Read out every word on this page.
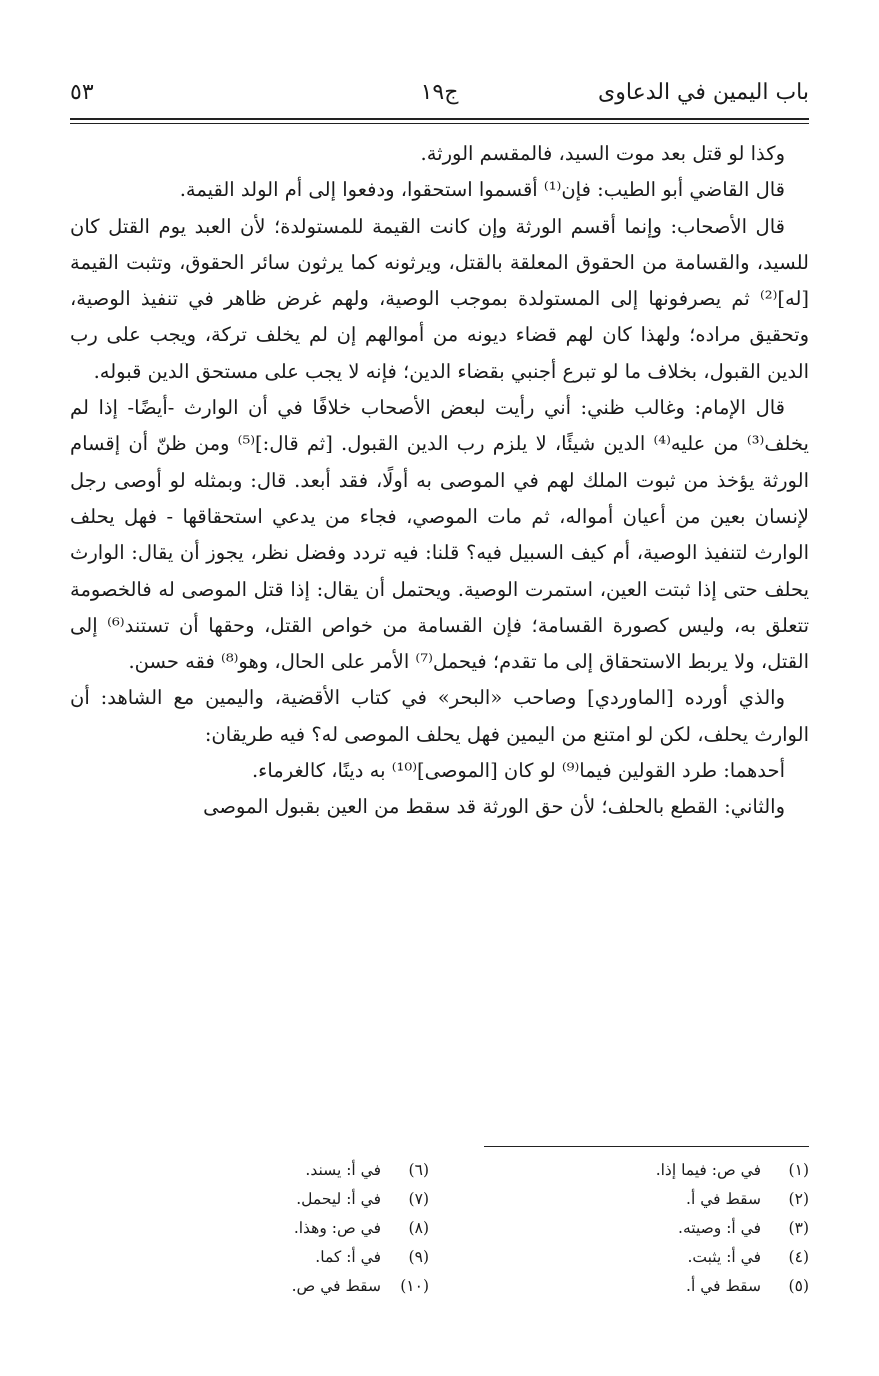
باب اليمين في الدعاوى
ج١٩
٥٣

وكذا لو قتل بعد موت السيد، فالمقسم الورثة.

قال القاضي أبو الطيب: فإن⁽¹⁾ أقسموا استحقوا، ودفعوا إلى أم الولد القيمة.

قال الأصحاب: وإنما أقسم الورثة وإن كانت القيمة للمستولدة؛ لأن العبد يوم القتل كان للسيد، والقسامة من الحقوق المعلقة بالقتل، ويرثونه كما يرثون سائر الحقوق، وتثبت القيمة [له]⁽²⁾ ثم يصرفونها إلى المستولدة بموجب الوصية، ولهم غرض ظاهر في تنفيذ الوصية، وتحقيق مراده؛ ولهذا كان لهم قضاء ديونه من أموالهم إن لم يخلف تركة، ويجب على رب الدين القبول، بخلاف ما لو تبرع أجنبي بقضاء الدين؛ فإنه لا يجب على مستحق الدين قبوله.

قال الإمام: وغالب ظني: أني رأيت لبعض الأصحاب خلافًا في أن الوارث -أيضًا- إذا لم يخلف⁽³⁾ من عليه⁽⁴⁾ الدين شيئًا، لا يلزم رب الدين القبول. [ثم قال:]⁽⁵⁾ ومن ظنّ أن إقسام الورثة يؤخذ من ثبوت الملك لهم في الموصى به أولًا، فقد أبعد. قال: وبمثله لو أوصى رجل لإنسان بعين من أعيان أمواله، ثم مات الموصي، فجاء من يدعي استحقاقها - فهل يحلف الوارث لتنفيذ الوصية، أم كيف السبيل فيه؟ قلنا: فيه تردد وفضل نظر، يجوز أن يقال: الوارث يحلف حتى إذا ثبتت العين، استمرت الوصية. ويحتمل أن يقال: إذا قتل الموصى له فالخصومة تتعلق به، وليس كصورة القسامة؛ فإن القسامة من خواص القتل، وحقها أن تستند⁽⁶⁾ إلى القتل، ولا يربط الاستحقاق إلى ما تقدم؛ فيحمل⁽⁷⁾ الأمر على الحال، وهو⁽⁸⁾ فقه حسن.

والذي أورده [الماوردي] وصاحب «البحر» في كتاب الأقضية، واليمين مع الشاهد: أن الوارث يحلف، لكن لو امتنع من اليمين فهل يحلف الموصى له؟ فيه طريقان:

أحدهما: طرد القولين فيما⁽⁹⁾ لو كان [الموصى]⁽¹⁰⁾ به دينًا، كالغرماء.

والثاني: القطع بالحلف؛ لأن حق الورثة قد سقط من العين بقبول الموصى

(١)في ص: فيما إذا.
(٢)سقط في أ.
(٣)في أ: وصيته.
(٤)في أ: يثبت.
(٥)سقط في أ.
(٦)في أ: يسند.
(٧)في أ: ليحمل.
(٨)في ص: وهذا.
(٩)في أ: كما.
(١٠)سقط في ص.
